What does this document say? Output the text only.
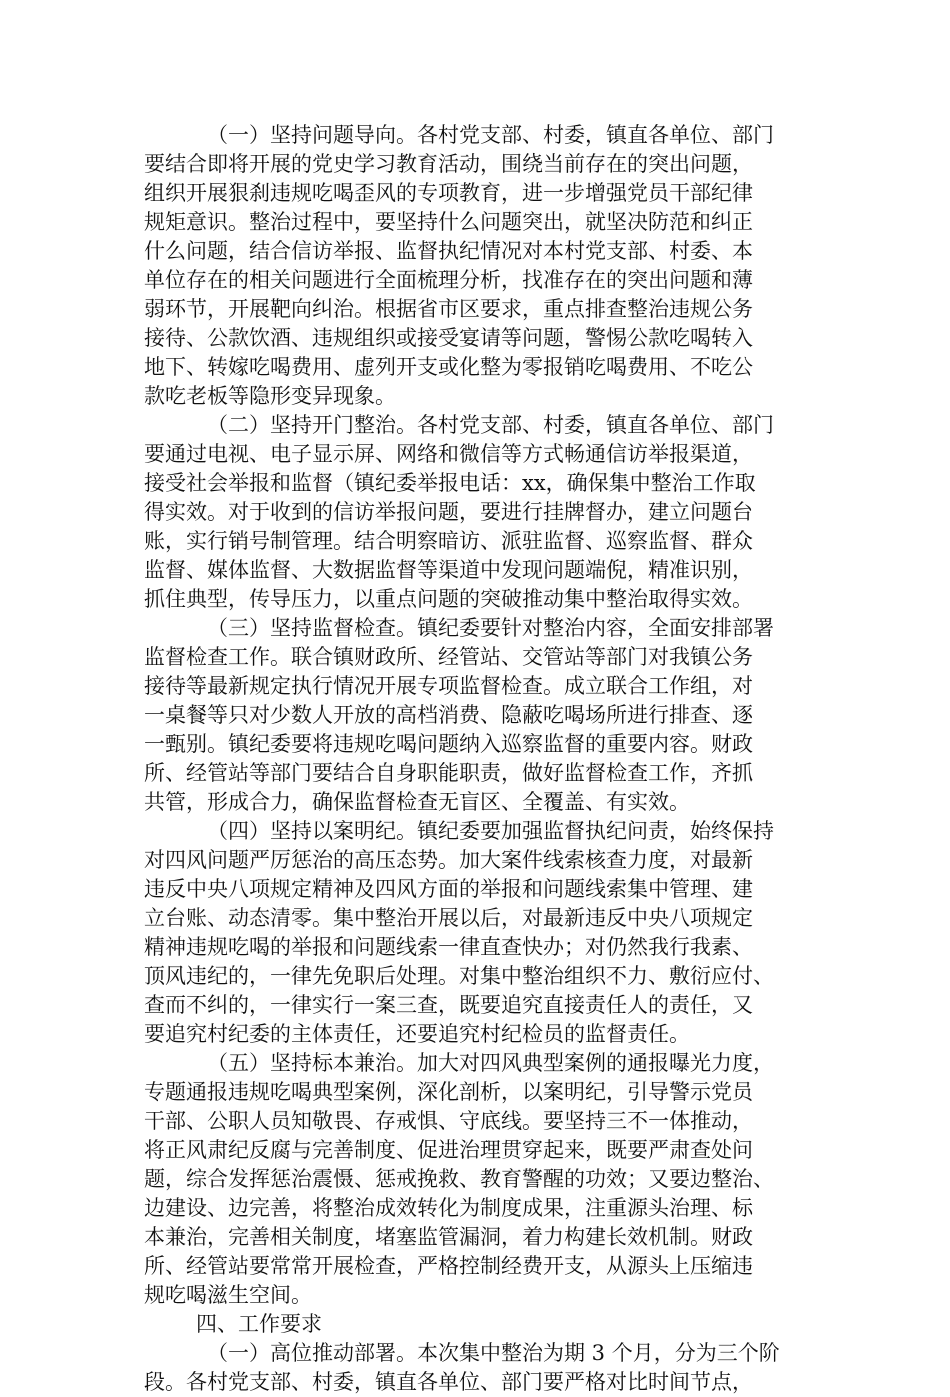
（一）坚持问题导向。各村党支部、村委，镇直各单位、部门
要结合即将开展的党史学习教育活动，围绕当前存在的突出问题，
组织开展狠刹违规吃喝歪风的专项教育，进一步增强党员干部纪律
规矩意识。整治过程中，要坚持什么问题突出，就坚决防范和纠正
什么问题，结合信访举报、监督执纪情况对本村党支部、村委、本
单位存在的相关问题进行全面梳理分析，找准存在的突出问题和薄
弱环节，开展靶向纠治。根据省市区要求，重点排查整治违规公务
接待、公款饮酒、违规组织或接受宴请等问题，警惕公款吃喝转入
地下、转嫁吃喝费用、虚列开支或化整为零报销吃喝费用、不吃公
款吃老板等隐形变异现象。

（二）坚持开门整治。各村党支部、村委，镇直各单位、部门
要通过电视、电子显示屏、网络和微信等方式畅通信访举报渠道，
接受社会举报和监督（镇纪委举报电话：xx，确保集中整治工作取
得实效。对于收到的信访举报问题，要进行挂牌督办，建立问题台
账，实行销号制管理。结合明察暗访、派驻监督、巡察监督、群众
监督、媒体监督、大数据监督等渠道中发现问题端倪，精准识别，
抓住典型，传导压力，以重点问题的突破推动集中整治取得实效。

（三）坚持监督检查。镇纪委要针对整治内容，全面安排部署
监督检查工作。联合镇财政所、经管站、交管站等部门对我镇公务
接待等最新规定执行情况开展专项监督检查。成立联合工作组，对
一桌餐等只对少数人开放的高档消费、隐蔽吃喝场所进行排查、逐
一甄别。镇纪委要将违规吃喝问题纳入巡察监督的重要内容。财政
所、经管站等部门要结合自身职能职责，做好监督检查工作，齐抓
共管，形成合力，确保监督检查无盲区、全覆盖、有实效。

（四）坚持以案明纪。镇纪委要加强监督执纪问责，始终保持
对四风问题严厉惩治的高压态势。加大案件线索核查力度，对最新
违反中央八项规定精神及四风方面的举报和问题线索集中管理、建
立台账、动态清零。集中整治开展以后，对最新违反中央八项规定
精神违规吃喝的举报和问题线索一律直查快办；对仍然我行我素、
顶风违纪的，一律先免职后处理。对集中整治组织不力、敷衍应付、
查而不纠的，一律实行一案三查，既要追究直接责任人的责任，又
要追究村纪委的主体责任，还要追究村纪检员的监督责任。

（五）坚持标本兼治。加大对四风典型案例的通报曝光力度，
专题通报违规吃喝典型案例，深化剖析，以案明纪，引导警示党员
干部、公职人员知敬畏、存戒惧、守底线。要坚持三不一体推动，
将正风肃纪反腐与完善制度、促进治理贯穿起来，既要严肃查处问
题，综合发挥惩治震慑、惩戒挽救、教育警醒的功效；又要边整治、
边建设、边完善，将整治成效转化为制度成果，注重源头治理、标
本兼治，完善相关制度，堵塞监管漏洞，着力构建长效机制。财政
所、经管站要常常开展检查，严格控制经费开支，从源头上压缩违
规吃喝滋生空间。

四、工作要求

（一）高位推动部署。本次集中整治为期 3 个月，分为三个阶
段。各村党支部、村委，镇直各单位、部门要严格对比时间节点，
